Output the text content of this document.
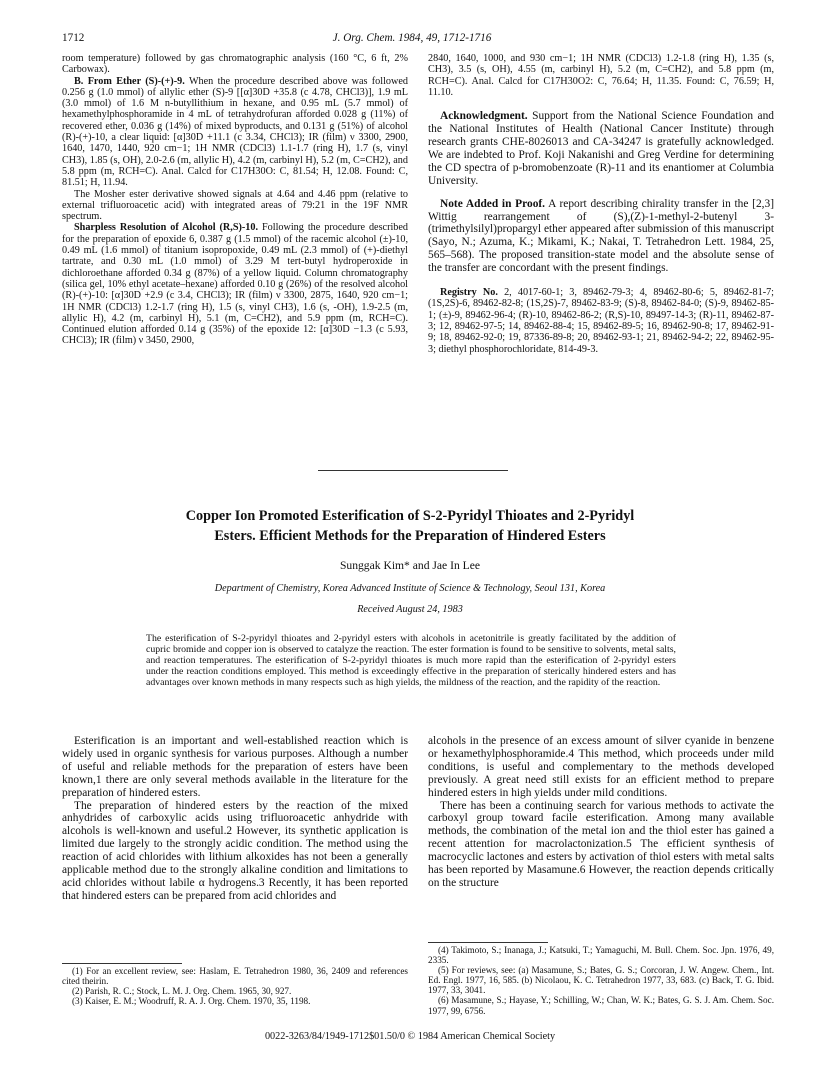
1712	J. Org. Chem. 1984, 49, 1712-1716

room temperature) followed by gas chromatographic analysis (160 °C, 6 ft, 2% Carbowax).

B. From Ether (S)-(+)-9. When the procedure described above was followed 0.256 g (1.0 mmol) of allylic ether (S)-9 [[α]30D +35.8 (c 4.78, CHCl3)], 1.9 mL (3.0 mmol) of 1.6 M n-butyllithium in hexane, and 0.95 mL (5.7 mmol) of hexamethylphosphoramide in 4 mL of tetrahydrofuran afforded 0.028 g (11%) of recovered ether, 0.036 g (14%) of mixed byproducts, and 0.131 g (51%) of alcohol (R)-(+)-10, a clear liquid: [α]30D +11.1 (c 3.34, CHCl3); IR (film) ν 3300, 2900, 1640, 1470, 1440, 920 cm−1; 1H NMR (CDCl3) 1.1-1.7 (ring H), 1.7 (s, vinyl CH3), 1.85 (s, OH), 2.0-2.6 (m, allylic H), 4.2 (m, carbinyl H), 5.2 (m, C=CH2), and 5.8 ppm (m, RCH=C). Anal. Calcd for C17H30O: C, 81.54; H, 12.08. Found: C, 81.51; H, 11.94.

The Mosher ester derivative showed signals at 4.64 and 4.46 ppm (relative to external trifluoroacetic acid) with integrated areas of 79:21 in the 19F NMR spectrum.

Sharpless Resolution of Alcohol (R,S)-10. Following the procedure described for the preparation of epoxide 6, 0.387 g (1.5 mmol) of the racemic alcohol (±)-10, 0.49 mL (1.6 mmol) of titanium isopropoxide, 0.49 mL (2.3 mmol) of (+)-diethyl tartrate, and 0.30 mL (1.0 mmol) of 3.29 M tert-butyl hydroperoxide in dichloroethane afforded 0.34 g (87%) of a yellow liquid. Column chromatography (silica gel, 10% ethyl acetate–hexane) afforded 0.10 g (26%) of the resolved alcohol (R)-(+)-10: [α]30D +2.9 (c 3.4, CHCl3); IR (film) ν 3300, 2875, 1640, 920 cm−1; 1H NMR (CDCl3) 1.2-1.7 (ring H), 1.5 (s, vinyl CH3), 1.6 (s, -OH), 1.9-2.5 (m, allylic H), 4.2 (m, carbinyl H), 5.1 (m, C=CH2), and 5.9 ppm (m, RCH=C). Continued elution afforded 0.14 g (35%) of the epoxide 12: [α]30D −1.3 (c 5.93, CHCl3); IR (film) ν 3450, 2900,

2840, 1640, 1000, and 930 cm−1; 1H NMR (CDCl3) 1.2-1.8 (ring H), 1.35 (s, CH3), 3.5 (s, OH), 4.55 (m, carbinyl H), 5.2 (m, C=CH2), and 5.8 ppm (m, RCH=C). Anal. Calcd for C17H30O2: C, 76.64; H, 11.35. Found: C, 76.59; H, 11.10.

Acknowledgment. Support from the National Science Foundation and the National Institutes of Health (National Cancer Institute) through research grants CHE-8026013 and CA-34247 is gratefully acknowledged. We are indebted to Prof. Koji Nakanishi and Greg Verdine for determining the CD spectra of p-bromobenzoate (R)-11 and its enantiomer at Columbia University.

Note Added in Proof. A report describing chirality transfer in the [2,3] Wittig rearrangement of (S),(Z)-1-methyl-2-butenyl 3-(trimethylsilyl)propargyl ether appeared after submission of this manuscript (Sayo, N.; Azuma, K.; Mikami, K.; Nakai, T. Tetrahedron Lett. 1984, 25, 565–568). The proposed transition-state model and the absolute sense of the transfer are concordant with the present findings.

Registry No. 2, 4017-60-1; 3, 89462-79-3; 4, 89462-80-6; 5, 89462-81-7; (1S,2S)-6, 89462-82-8; (1S,2S)-7, 89462-83-9; (S)-8, 89462-84-0; (S)-9, 89462-85-1; (±)-9, 89462-96-4; (R)-10, 89462-86-2; (R,S)-10, 89497-14-3; (R)-11, 89462-87-3; 12, 89462-97-5; 14, 89462-88-4; 15, 89462-89-5; 16, 89462-90-8; 17, 89462-91-9; 18, 89462-92-0; 19, 87336-89-8; 20, 89462-93-1; 21, 89462-94-2; 22, 89462-95-3; diethyl phosphorochloridate, 814-49-3.

Copper Ion Promoted Esterification of S-2-Pyridyl Thioates and 2-Pyridyl
Esters. Efficient Methods for the Preparation of Hindered Esters
Sunggak Kim* and Jae In Lee
Department of Chemistry, Korea Advanced Institute of Science & Technology, Seoul 131, Korea
Received August 24, 1983
The esterification of S-2-pyridyl thioates and 2-pyridyl esters with alcohols in acetonitrile is greatly facilitated by the addition of cupric bromide and copper ion is observed to catalyze the reaction. The ester formation is found to be sensitive to solvents, metal salts, and reaction temperatures. The esterification of S-2-pyridyl thioates is much more rapid than the esterification of 2-pyridyl esters under the reaction conditions employed. This method is exceedingly effective in the preparation of sterically hindered esters and has advantages over known methods in many respects such as high yields, the mildness of the reaction, and the rapidity of the reaction.

Esterification is an important and well-established reaction which is widely used in organic synthesis for various purposes. Although a number of useful and reliable methods for the preparation of esters have been known,1 there are only several methods available in the literature for the preparation of hindered esters.

The preparation of hindered esters by the reaction of the mixed anhydrides of carboxylic acids using trifluoroacetic anhydride with alcohols is well-known and useful.2 However, its synthetic application is limited due largely to the strongly acidic condition. The method using the reaction of acid chlorides with lithium alkoxides has not been a generally applicable method due to the strongly alkaline condition and limitations to acid chlorides without labile α hydrogens.3 Recently, it has been reported that hindered esters can be prepared from acid chlorides and

alcohols in the presence of an excess amount of silver cyanide in benzene or hexamethylphosphoramide.4 This method, which proceeds under mild conditions, is useful and complementary to the methods developed previously. A great need still exists for an efficient method to prepare hindered esters in high yields under mild conditions.

There has been a continuing search for various methods to activate the carboxyl group toward facile esterification. Among many available methods, the combination of the metal ion and the thiol ester has gained a recent attention for macrolactonization.5 The efficient synthesis of macrocyclic lactones and esters by activation of thiol esters with metal salts has been reported by Masamune.6 However, the reaction depends critically on the structure

(1) For an excellent review, see: Haslam, E. Tetrahedron 1980, 36, 2409 and references cited theirin.

(2) Parish, R. C.; Stock, L. M. J. Org. Chem. 1965, 30, 927.

(3) Kaiser, E. M.; Woodruff, R. A. J. Org. Chem. 1970, 35, 1198.

(4) Takimoto, S.; Inanaga, J.; Katsuki, T.; Yamaguchi, M. Bull. Chem. Soc. Jpn. 1976, 49, 2335.

(5) For reviews, see: (a) Masamune, S.; Bates, G. S.; Corcoran, J. W. Angew. Chem., Int. Ed. Engl. 1977, 16, 585. (b) Nicolaou, K. C. Tetrahedron 1977, 33, 683. (c) Back, T. G. Ibid. 1977, 33, 3041.

(6) Masamune, S.; Hayase, Y.; Schilling, W.; Chan, W. K.; Bates, G. S. J. Am. Chem. Soc. 1977, 99, 6756.

0022-3263/84/1949-1712$01.50/0 © 1984 American Chemical Society
